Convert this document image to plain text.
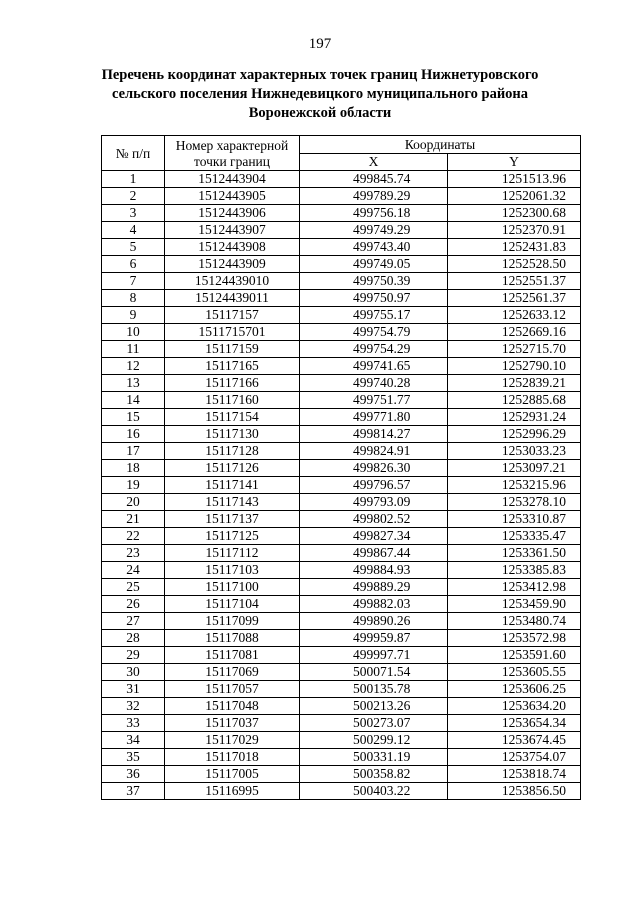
197
Перечень координат характерных точек границ Нижнетуровского
сельского поселения Нижнедевицкого муниципального района
Воронежской области
№ п/п	Номер характерной точки границ	Координаты	
		X	Y
1	1512443904	499845.74	1251513.96
2	1512443905	499789.29	1252061.32
3	1512443906	499756.18	1252300.68
4	1512443907	499749.29	1252370.91
5	1512443908	499743.40	1252431.83
6	1512443909	499749.05	1252528.50
7	15124439010	499750.39	1252551.37
8	15124439011	499750.97	1252561.37
9	15117157	499755.17	1252633.12
10	1511715701	499754.79	1252669.16
11	15117159	499754.29	1252715.70
12	15117165	499741.65	1252790.10
13	15117166	499740.28	1252839.21
14	15117160	499751.77	1252885.68
15	15117154	499771.80	1252931.24
16	15117130	499814.27	1252996.29
17	15117128	499824.91	1253033.23
18	15117126	499826.30	1253097.21
19	15117141	499796.57	1253215.96
20	15117143	499793.09	1253278.10
21	15117137	499802.52	1253310.87
22	15117125	499827.34	1253335.47
23	15117112	499867.44	1253361.50
24	15117103	499884.93	1253385.83
25	15117100	499889.29	1253412.98
26	15117104	499882.03	1253459.90
27	15117099	499890.26	1253480.74
28	15117088	499959.87	1253572.98
29	15117081	499997.71	1253591.60
30	15117069	500071.54	1253605.55
31	15117057	500135.78	1253606.25
32	15117048	500213.26	1253634.20
33	15117037	500273.07	1253654.34
34	15117029	500299.12	1253674.45
35	15117018	500331.19	1253754.07
36	15117005	500358.82	1253818.74
37	15116995	500403.22	1253856.50
